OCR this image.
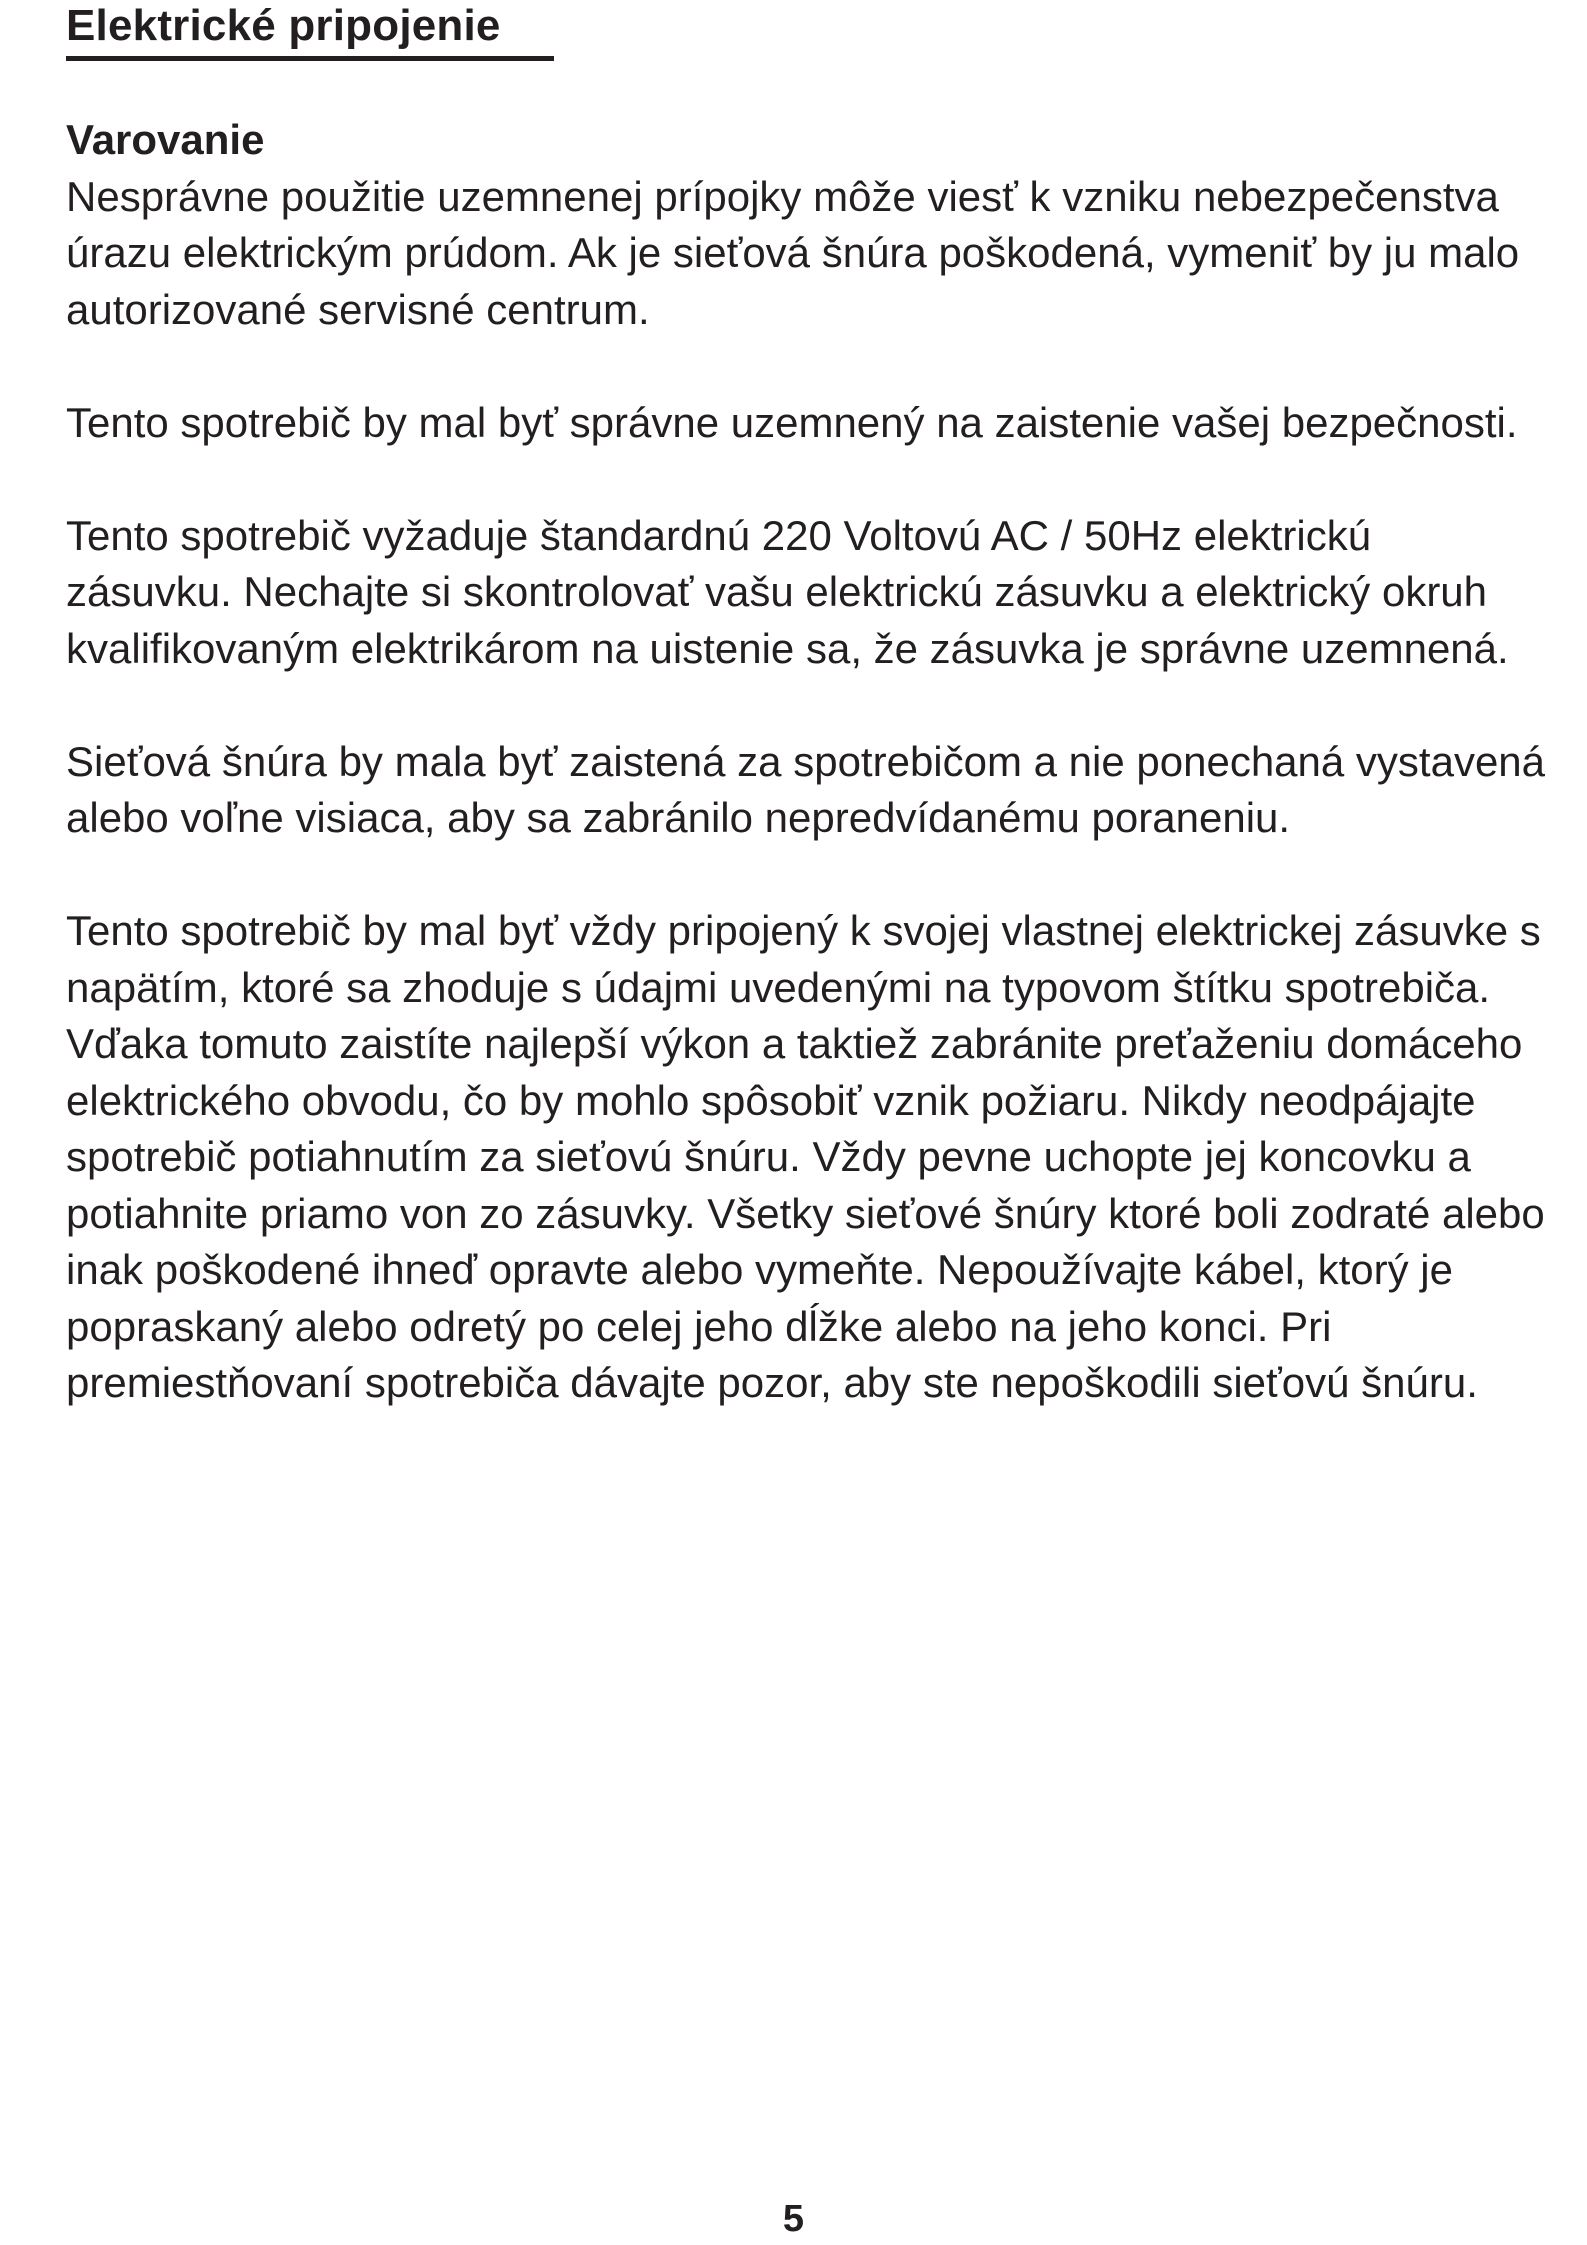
Elektrické pripojenie

Varovanie

Nesprávne použitie uzemnenej prípojky môže viesť k vzniku nebezpečenstva úrazu elektrickým prúdom. Ak je sieťová šnúra poškodená, vymeniť by ju malo autorizované servisné centrum.

Tento spotrebič by mal byť správne uzemnený na zaistenie vašej bezpečnosti.

Tento spotrebič vyžaduje štandardnú 220 Voltovú AC / 50Hz elektrickú zásuvku. Nechajte si skontrolovať vašu elektrickú zásuvku a elektrický okruh kvalifikovaným elektrikárom na uistenie sa, že zásuvka je správne uzemnená.

Sieťová šnúra by mala byť zaistená za spotrebičom a nie ponechaná vystavená alebo voľne visiaca, aby sa zabránilo nepredvídanému poraneniu.

Tento spotrebič by mal byť vždy pripojený k svojej vlastnej elektrickej zásuvke s napätím, ktoré sa zhoduje s údajmi uvedenými na typovom štítku spotrebiča. Vďaka tomuto zaistíte najlepší výkon a taktiež zabránite preťaženiu domáceho elektrického obvodu, čo by mohlo spôsobiť vznik požiaru. Nikdy neodpájajte spotrebič potiahnutím za sieťovú šnúru. Vždy pevne uchopte jej koncovku a potiahnite priamo von zo zásuvky. Všetky sieťové šnúry ktoré boli zodraté alebo inak poškodené ihneď opravte alebo vymeňte. Nepoužívajte kábel, ktorý je popraskaný alebo odretý po celej jeho dĺžke alebo na jeho konci. Pri premiestňovaní spotrebiča dávajte pozor, aby ste nepoškodili sieťovú šnúru.

5
